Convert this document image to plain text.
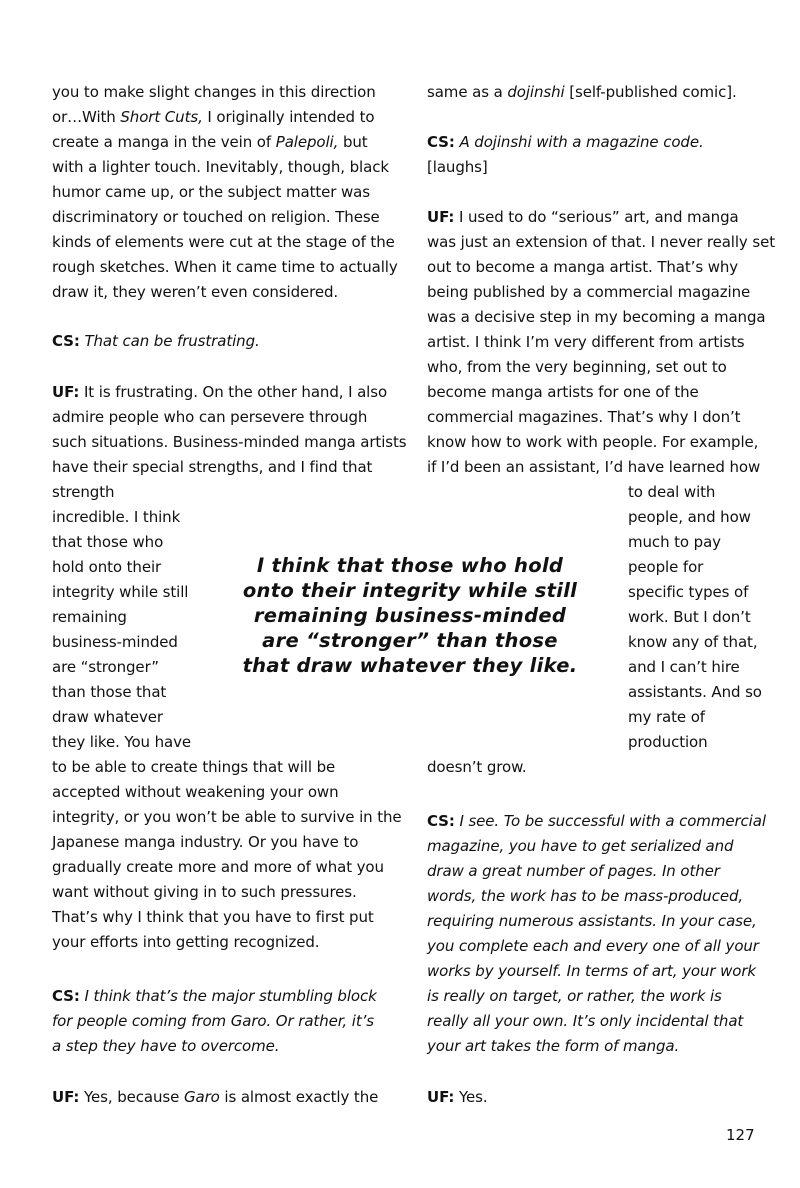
you to make slight changes in this direction
or…With Short Cuts, I originally intended to
create a manga in the vein of Palepoli, but
with a lighter touch. Inevitably, though, black
humor came up, or the subject matter was
discriminatory or touched on religion. These
kinds of elements were cut at the stage of the
rough sketches. When it came time to actually
draw it, they weren’t even considered.
CS: That can be frustrating.
UF: It is frustrating. On the other hand, I also
admire people who can persevere through
such situations. Business-minded manga artists
have their special strengths, and I find that
strength
incredible. I think
that those who
hold onto their
integrity while still
remaining
business-minded
are “stronger”
than those that
draw whatever
they like. You have
to be able to create things that will be
accepted without weakening your own
integrity, or you won’t be able to survive in the
Japanese manga industry. Or you have to
gradually create more and more of what you
want without giving in to such pressures.
That’s why I think that you have to first put
your efforts into getting recognized.
CS: I think that’s the major stumbling block
for people coming from Garo. Or rather, it’s
a step they have to overcome.
UF: Yes, because Garo is almost exactly the
same as a dojinshi [self-published comic].
CS: A dojinshi with a magazine code.
[laughs]
UF: I used to do “serious” art, and manga
was just an extension of that. I never really set
out to become a manga artist. That’s why
being published by a commercial magazine
was a decisive step in my becoming a manga
artist. I think I’m very different from artists
who, from the very beginning, set out to
become manga artists for one of the
commercial magazines. That’s why I don’t
know how to work with people. For example,
if I’d been an assistant, I’d have learned how
to deal with
people, and how
much to pay
people for
specific types of
work. But I don’t
know any of that,
and I can’t hire
assistants. And so
my rate of
production
doesn’t grow.
CS: I see. To be successful with a commercial
magazine, you have to get serialized and
draw a great number of pages. In other
words, the work has to be mass-produced,
requiring numerous assistants. In your case,
you complete each and every one of all your
works by yourself. In terms of art, your work
is really on target, or rather, the work is
really all your own. It’s only incidental that
your art takes the form of manga.
UF: Yes.
I think that those who hold
onto their integrity while still
remaining business-minded
are “stronger” than those
that draw whatever they like.
127
